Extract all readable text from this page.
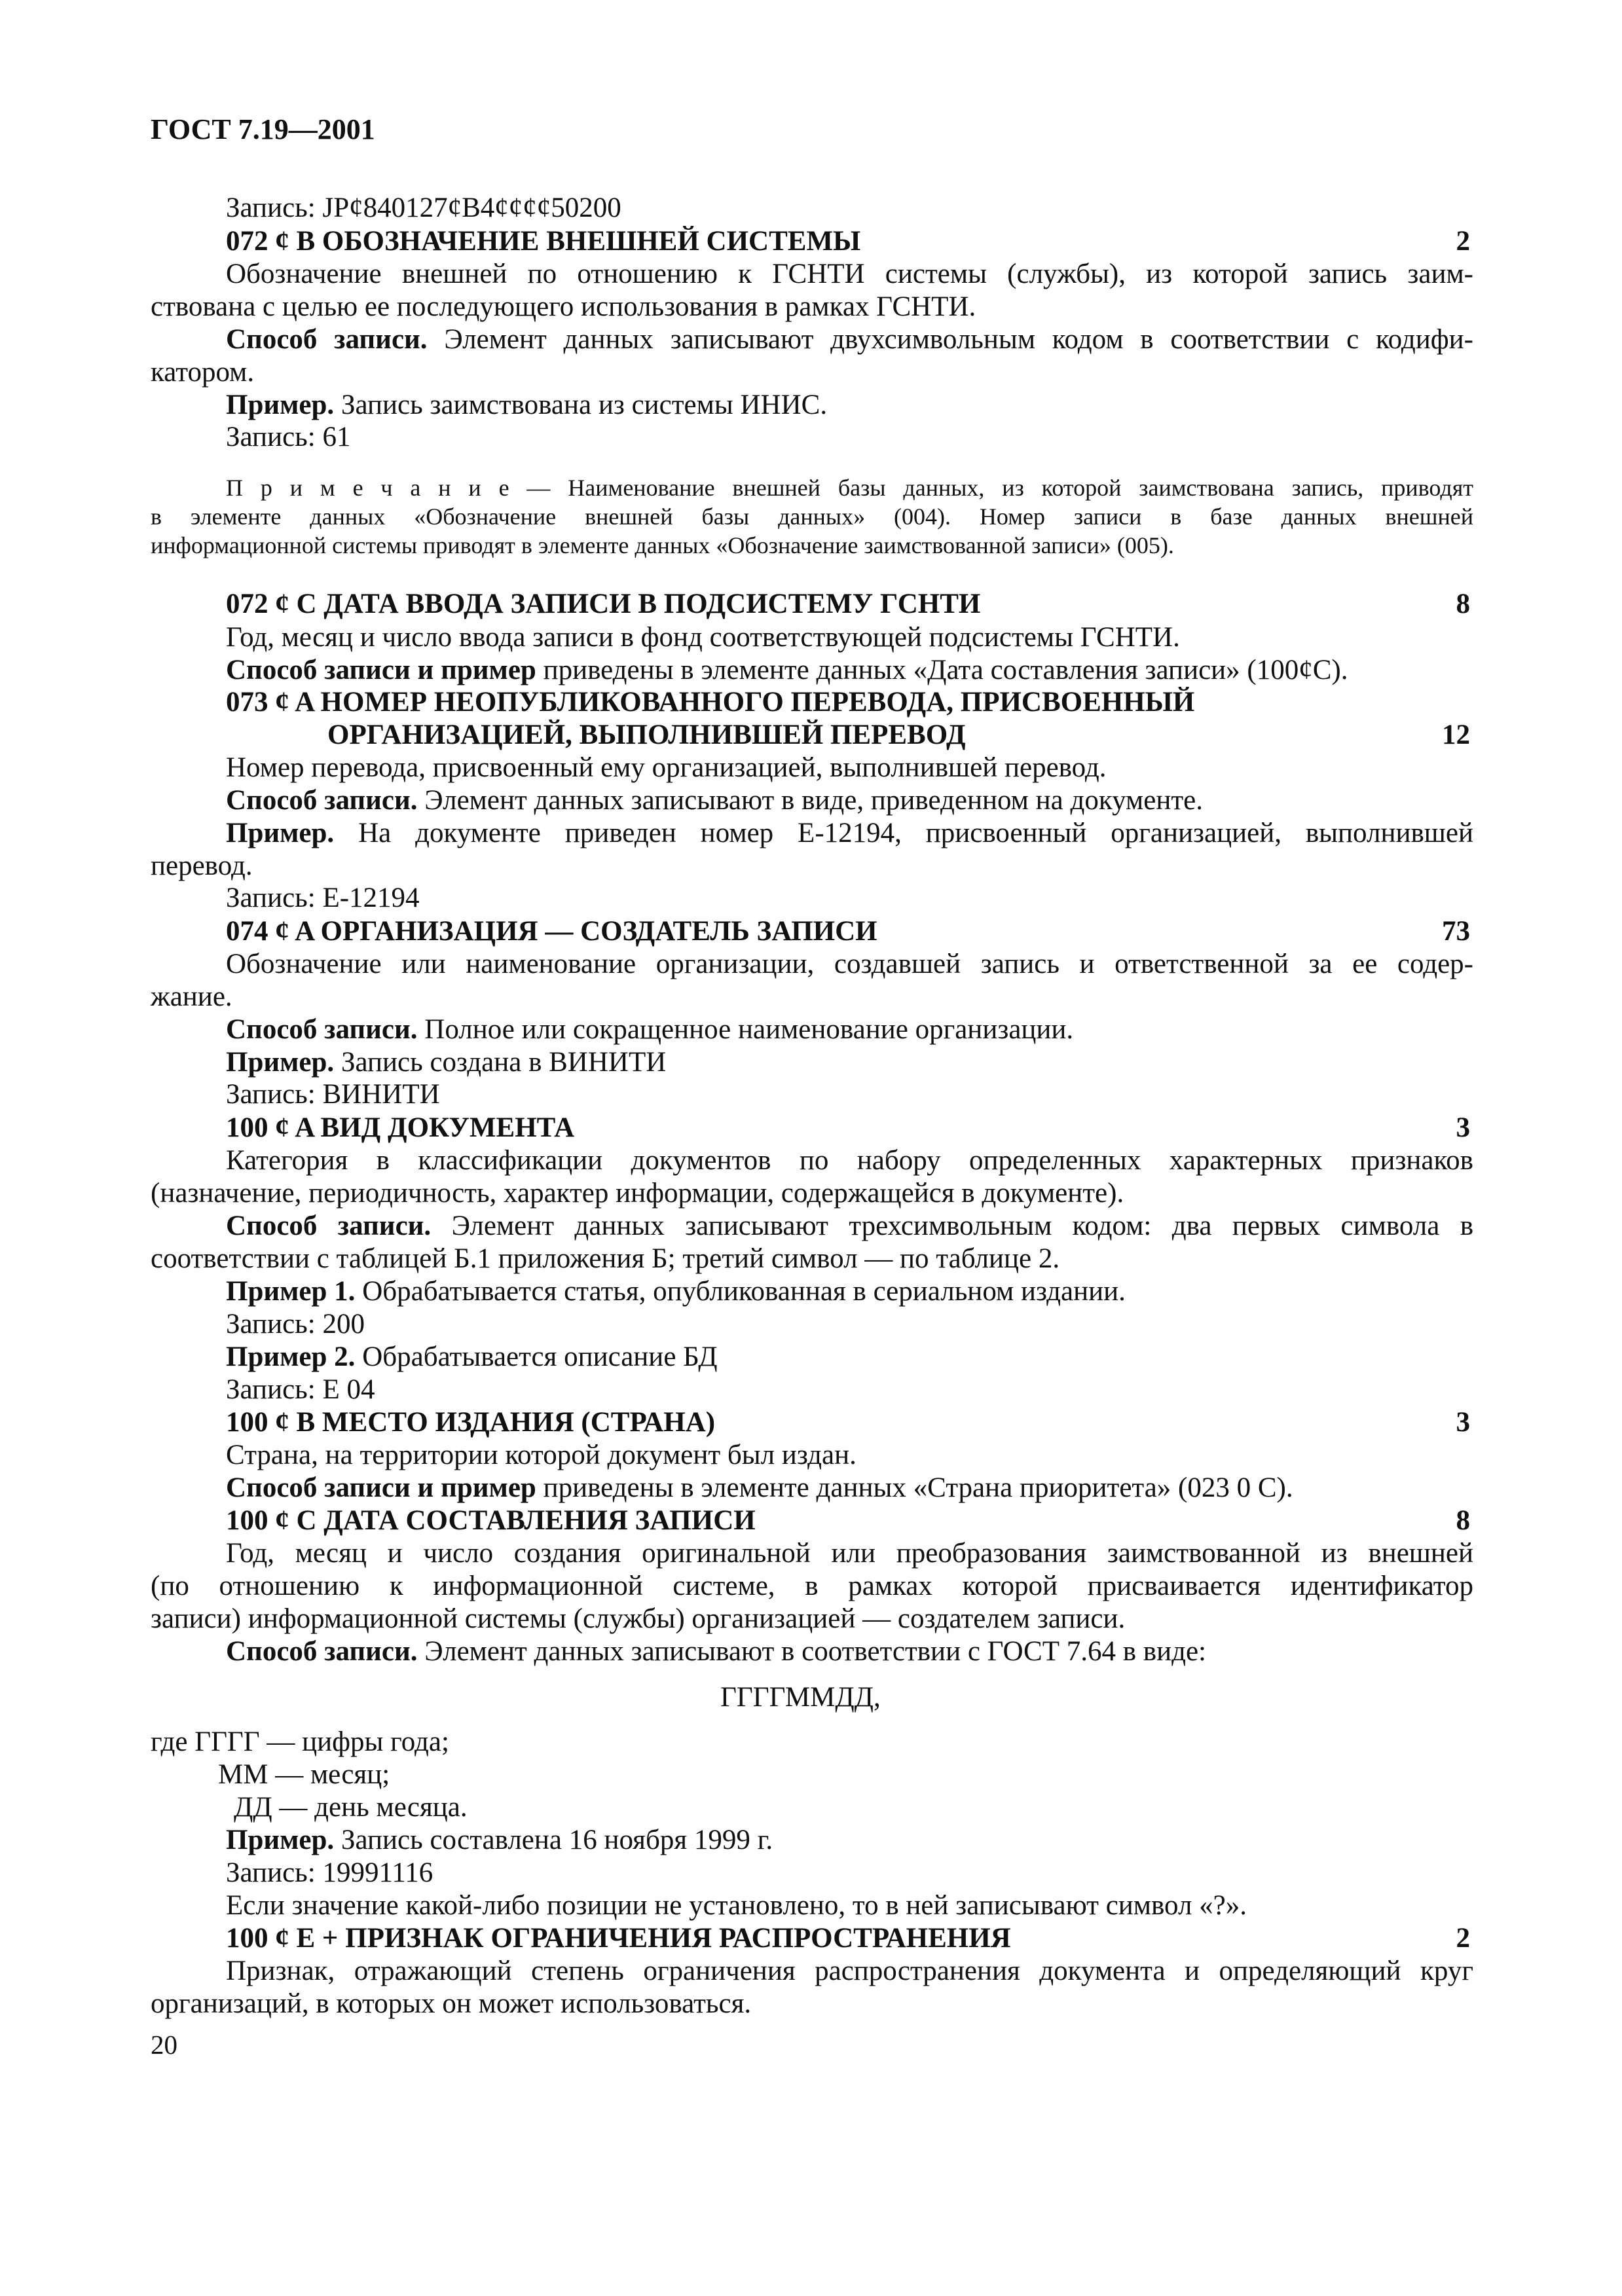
ГОСТ 7.19—2001
Запись: JPȼ840127ȼB4ȼȼȼȼ50200
072 ȼ B ОБОЗНАЧЕНИЕ ВНЕШНЕЙ СИСТЕМЫ	2
Обозначение внешней по отношению к ГСНТИ системы (службы), из которой запись заим-
ствована с целью ее последующего использования в рамках ГСНТИ.
Способ записи. Элемент данных записывают двухсимвольным кодом в соответствии с кодифи-
катором.
Пример. Запись заимствована из системы ИНИС.
Запись: 61
П р и м е ч а н и е — Наименование внешней базы данных, из которой заимствована запись, приводят
в элементе данных «Обозначение внешней базы данных» (004). Номер записи в базе данных внешней
информационной системы приводят в элементе данных «Обозначение заимствованной записи» (005).
072 ȼ C ДАТА ВВОДА ЗАПИСИ В ПОДСИСТЕМУ ГСНТИ	8
Год, месяц и число ввода записи в фонд соответствующей подсистемы ГСНТИ.
Способ записи и пример приведены в элементе данных «Дата составления записи» (100ȼC).
073 ȼ A НОМЕР НЕОПУБЛИКОВАННОГО ПЕРЕВОДА, ПРИСВОЕННЫЙ
ОРГАНИЗАЦИЕЙ, ВЫПОЛНИВШЕЙ ПЕРЕВОД	12
Номер перевода, присвоенный ему организацией, выполнившей перевод.
Способ записи. Элемент данных записывают в виде, приведенном на документе.
Пример. На документе приведен номер Е-12194, присвоенный организацией, выполнившей
перевод.
Запись: Е-12194
074 ȼ A ОРГАНИЗАЦИЯ — СОЗДАТЕЛЬ ЗАПИСИ	73
Обозначение или наименование организации, создавшей запись и ответственной за ее содер-
жание.
Способ записи. Полное или сокращенное наименование организации.
Пример. Запись создана в ВИНИТИ
Запись: ВИНИТИ
100 ȼ A ВИД ДОКУМЕНТА	3
Категория в классификации документов по набору определенных характерных признаков
(назначение, периодичность, характер информации, содержащейся в документе).
Способ записи. Элемент данных записывают трехсимвольным кодом: два первых символа в
соответствии с таблицей Б.1 приложения Б; третий символ — по таблице 2.
Пример 1. Обрабатывается статья, опубликованная в сериальном издании.
Запись: 200
Пример 2. Обрабатывается описание БД
Запись: Е 04
100 ȼ B МЕСТО ИЗДАНИЯ (СТРАНА)	3
Страна, на территории которой документ был издан.
Способ записи и пример приведены в элементе данных «Страна приоритета» (023 0 C).
100 ȼ C ДАТА СОСТАВЛЕНИЯ ЗАПИСИ	8
Год, месяц и число создания оригинальной или преобразования заимствованной из внешней
(по отношению к информационной системе, в рамках которой присваивается идентификатор
записи) информационной системы (службы) организацией — создателем записи.
Способ записи. Элемент данных записывают в соответствии с ГОСТ 7.64 в виде:
ГГГГММДД,
где ГГГГ — цифры года;
ММ — месяц;
ДД — день месяца.
Пример. Запись составлена 16 ноября 1999 г.
Запись: 19991116
Если значение какой-либо позиции не установлено, то в ней записывают символ «?».
100 ȼ E + ПРИЗНАК ОГРАНИЧЕНИЯ РАСПРОСТРАНЕНИЯ	2
Признак, отражающий степень ограничения распространения документа и определяющий круг
организаций, в которых он может использоваться.
20
